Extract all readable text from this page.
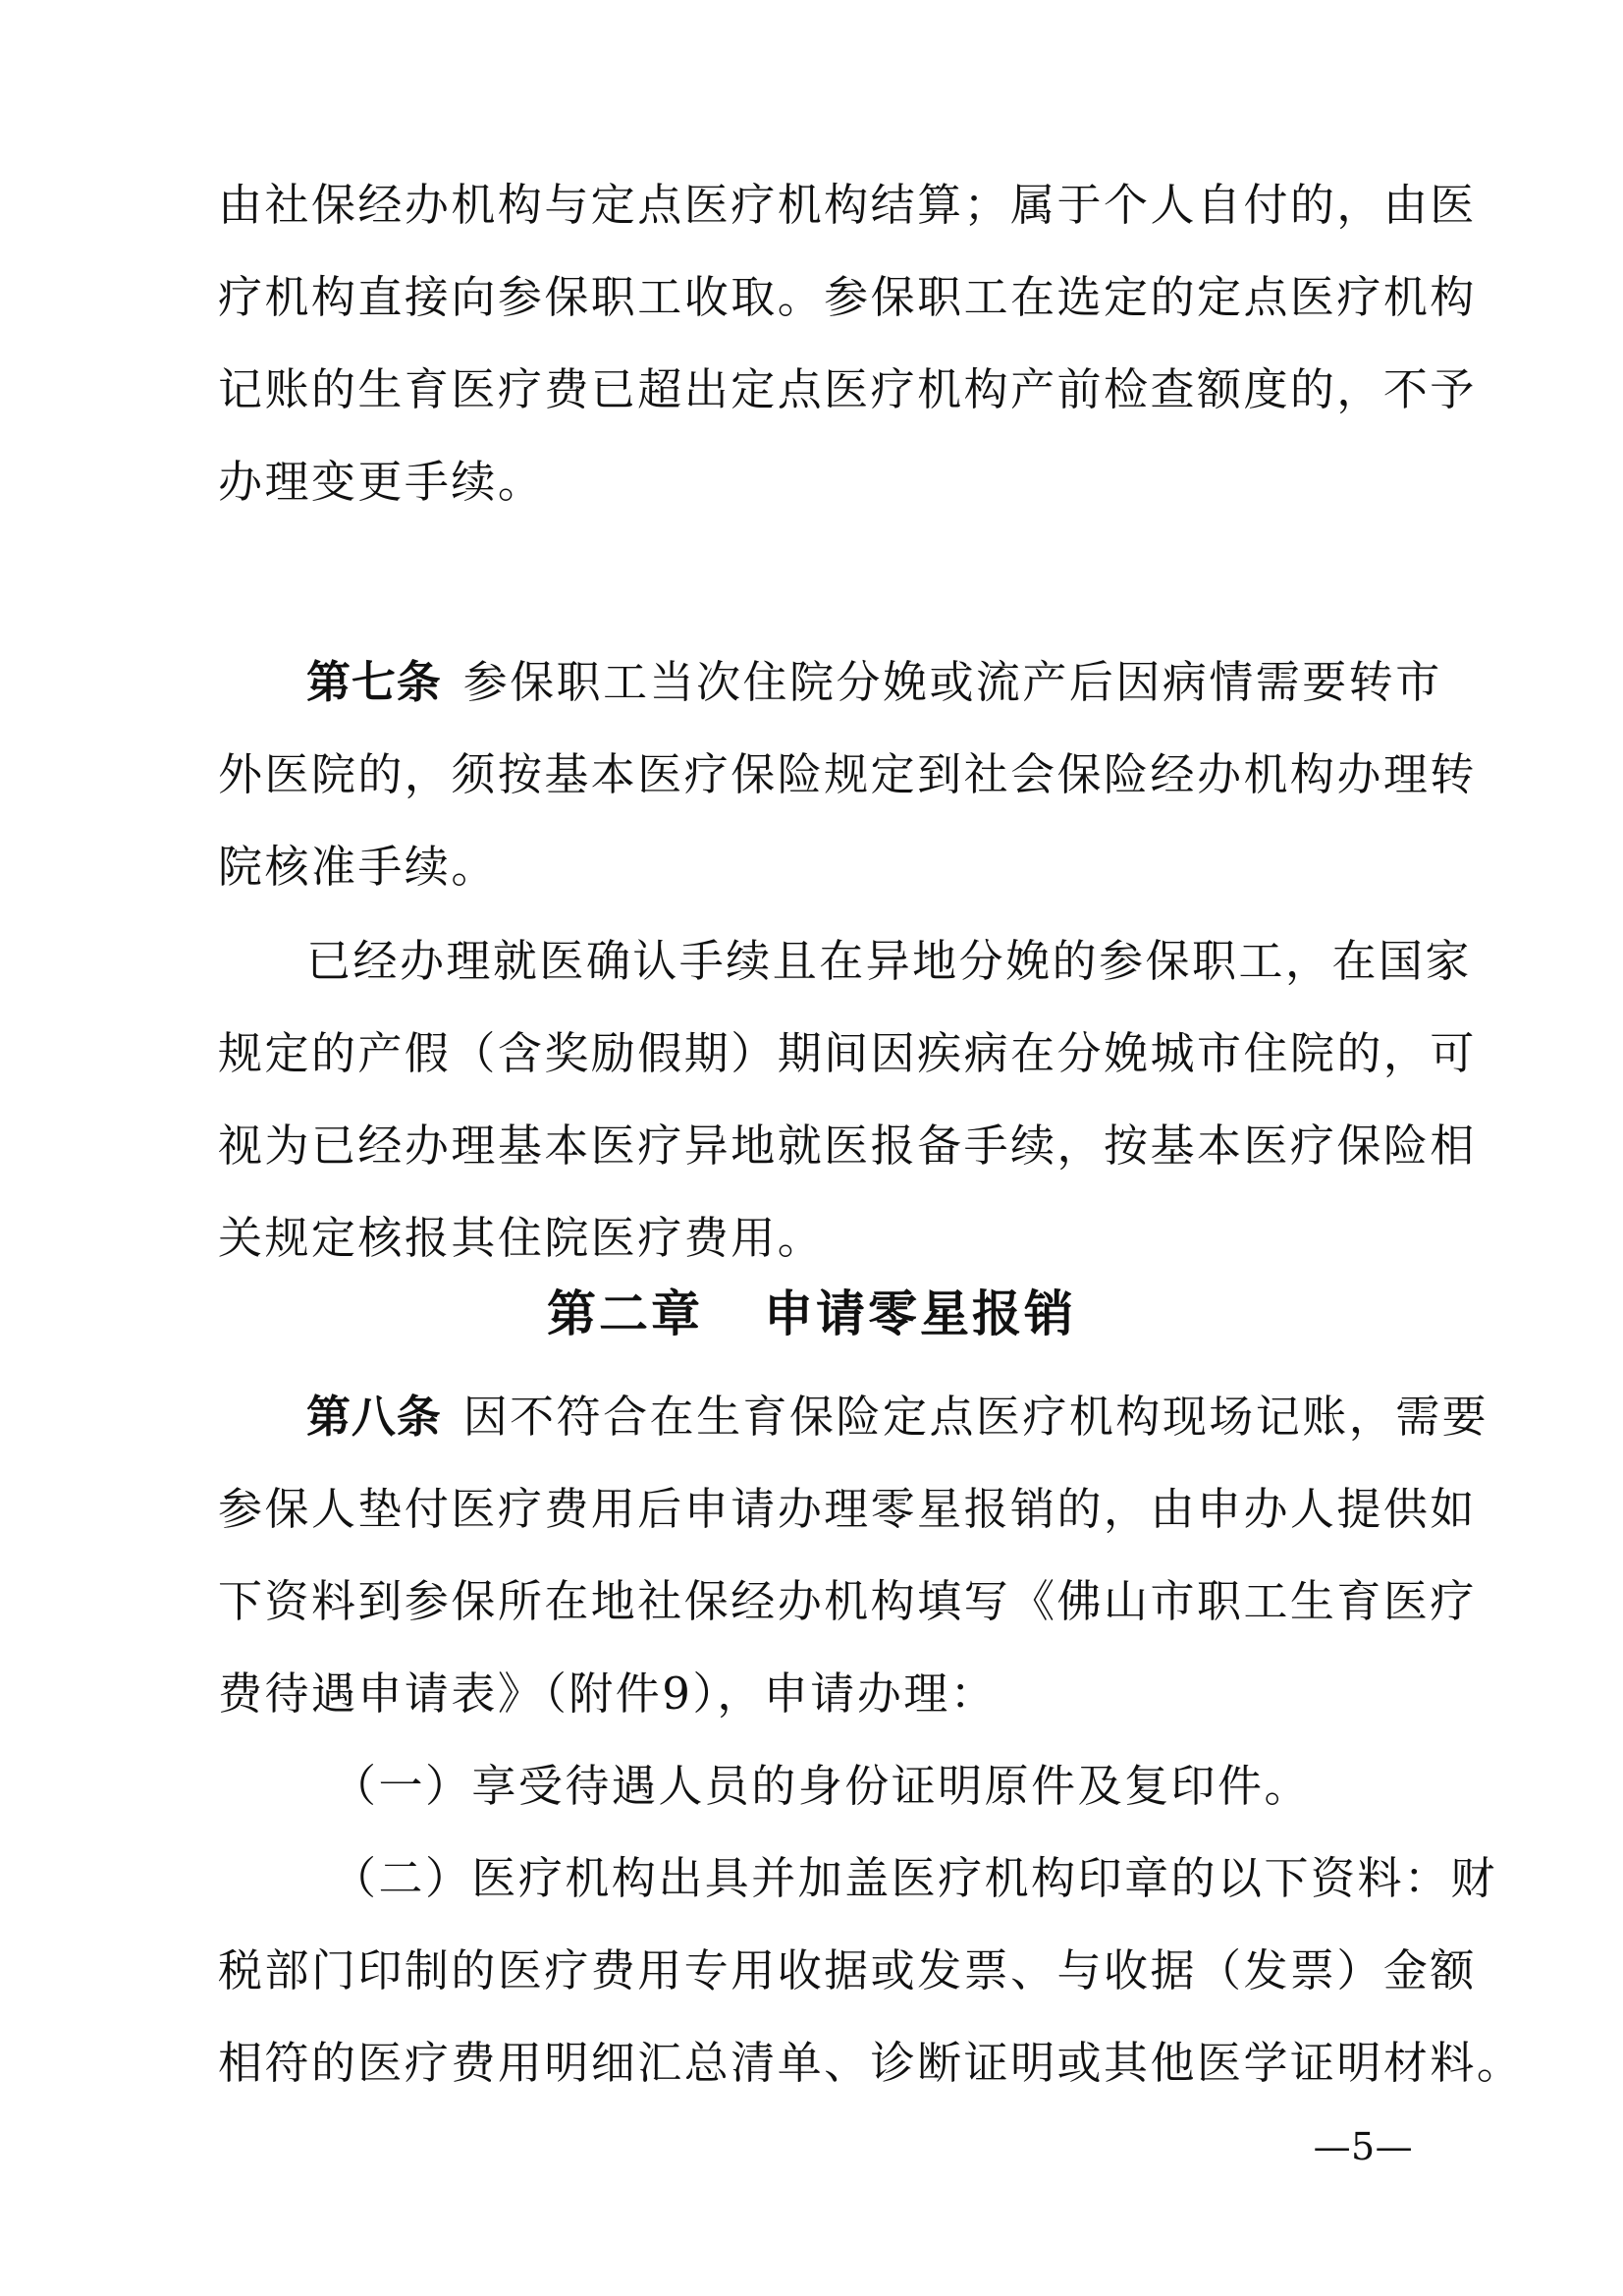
由社保经办机构与定点医疗机构结算；属于个人自付的，由医
疗机构直接向参保职工收取。参保职工在选定的定点医疗机构
记账的生育医疗费已超出定点医疗机构产前检查额度的，不予
办理变更手续。
第七条 参保职工当次住院分娩或流产后因病情需要转市
外医院的，须按基本医疗保险规定到社会保险经办机构办理转
院核准手续。
已经办理就医确认手续且在异地分娩的参保职工，在国家
规定的产假（含奖励假期）期间因疾病在分娩城市住院的，可
视为已经办理基本医疗异地就医报备手续，按基本医疗保险相
关规定核报其住院医疗费用。
第二章 申请零星报销
第八条 因不符合在生育保险定点医疗机构现场记账，需要
参保人垫付医疗费用后申请办理零星报销的，由申办人提供如
下资料到参保所在地社保经办机构填写《佛山市职工生育医疗
费待遇申请表》（附件9），申请办理：
（一）享受待遇人员的身份证明原件及复印件。
（二）医疗机构出具并加盖医疗机构印章的以下资料：财
税部门印制的医疗费用专用收据或发票、与收据（发票）金额
相符的医疗费用明细汇总清单、诊断证明或其他医学证明材料。
—5—
